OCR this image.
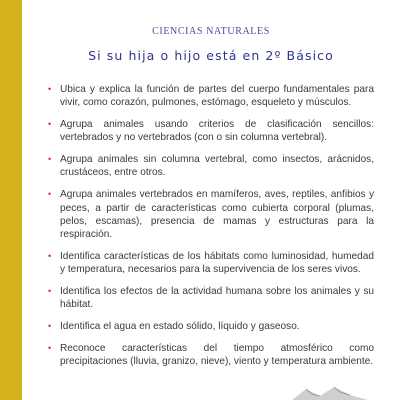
CIENCIAS NATURALES
Si su hija o hijo está en 2º Básico
• Ubica y explica la función de partes del cuerpo fundamentales para vivir, como corazón, pulmones, estómago, esqueleto y músculos.
• Agrupa animales usando criterios de clasificación sencillos: vertebrados y no vertebrados (con o sin columna vertebral).
• Agrupa animales sin columna vertebral, como insectos, arácnidos, crustáceos, entre otros.
• Agrupa animales vertebrados en mamíferos, aves, reptiles, anfibios y peces, a partir de características como cubierta corporal (plumas, pelos, escamas), presencia de mamas y estructuras para la respiración.
• Identifica características de los hábitats como luminosidad, humedad y temperatura, necesarios para la supervivencia de los seres vivos.
• Identifica los efectos de la actividad humana sobre los animales y su hábitat.
• Identifica el agua en estado sólido, líquido y gaseoso.
• Reconoce características del tiempo atmosférico como precipitaciones (lluvia, granizo, nieve), viento y temperatura ambiente.
